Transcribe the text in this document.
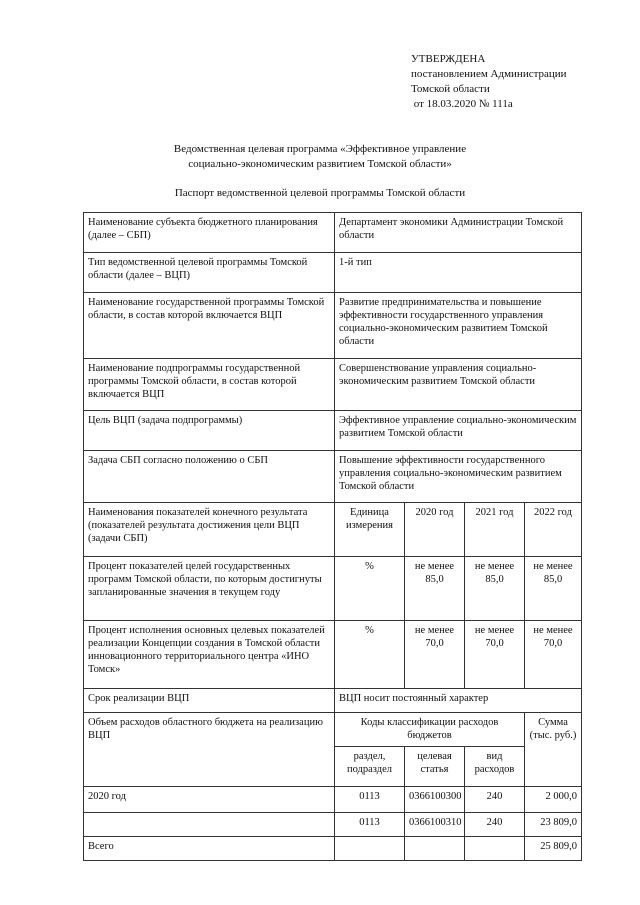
УТВЕРЖДЕНА
постановлением Администрации
Томской области
от 18.03.2020 № 111а
Ведомственная целевая программа «Эффективное управление
социально-экономическим развитием Томской области»
Паспорт ведомственной целевой программы Томской области
Наименование субъекта бюджетного планирования (далее – СБП)	Департамент экономики Администрации Томской области			
Тип ведомственной целевой программы Томской области (далее – ВЦП)	1-й тип			
Наименование государственной программы Томской области, в состав которой включается ВЦП	Развитие предпринимательства и повышение эффективности государственного управления социально-экономическим развитием Томской области			
Наименование подпрограммы государственной программы Томской области, в состав которой включается ВЦП	Совершенствование управления социально-экономическим развитием Томской области			
Цель ВЦП (задача подпрограммы)	Эффективное управление социально-экономическим развитием Томской области			
Задача СБП согласно положению о СБП	Повышение эффективности государственного управления социально-экономическим развитием Томской области			
Наименования показателей конечного результата (показателей результата достижения цели ВЦП (задачи СБП)	Единица измерения	2020 год	2021 год	2022 год
Процент показателей целей государственных программ Томской области, по которым достигнуты запланированные значения в текущем году	%	не менее 85,0	не менее 85,0	не менее 85,0
Процент исполнения основных целевых показателей реализации Концепции создания в Томской области инновационного территориального центра «ИНО Томск»	%	не менее 70,0	не менее 70,0	не менее 70,0
Срок реализации ВЦП	ВЦП носит постоянный характер			
Объем расходов областного бюджета на реализацию ВЦП	Коды классификации расходов бюджетов			Сумма (тыс. руб.)
	раздел, подраздел	целевая статья	вид расходов	
2020 год	0113	0366100300	240	2 000,0
	0113	0366100310	240	23 809,0
Всего				25 809,0
